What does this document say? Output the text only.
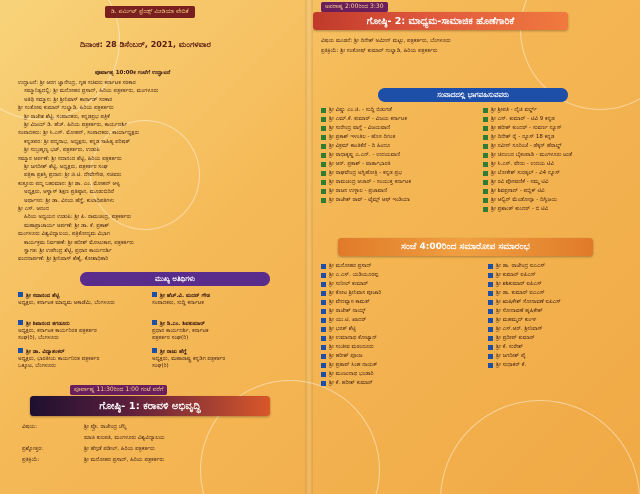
ಡಿ. ಪರ್ಮಿಟ್ ಫ್ರೆಂಡ್ಸ್ ಮೀಡಿಯಾ ವೇದಿಕೆ
ದಿನಾಂಕ: 28 ಡಿಸೆಂಬರ್, 2021, ಮಂಗಳವಾರ
ಪೂರ್ವಾಹ್ನ 10:00ಕ ಗಂಟೆಗೆ ಉದ್ಘಾಟನೆ
ಉದ್ಘಾಟನೆ: ಶ್ರೀ ಆರಗ ಜ್ಞಾನೇಂದ್ರ, ಗೃಹ ಸಚಿವರು ಕರ್ನಾಟಕ ಸರಕಾರ
ಸಮ್ಮಾನಿತ್ವದಲ್ಲಿ: ಶ್ರೀ ಮನೋಹರ ಪ್ರಸಾದ್, ಹಿರಿಯ ಪತ್ರಕರ್ತರು, ಮಂಗಳೂರು
ಅತಿಥಿ ಸಮ್ಮಾನ: ಶ್ರೀ ಶ್ರೀನಿವಾಸ್ ಕಾರ್ನಾಡ್ ಸರಕಾರ
ಶ್ರೀ ಸಂತೋಷ ಕುಮಾರ್ ಗುಲ್ವಾಡಿ, ಹಿರಿಯ ಪತ್ರಕರ್ತರು
ಶ್ರೀ ರಾಜೇಶ ಶೆಟ್ಟಿ, ಸಂಪಾದಕರು, ಕನ್ನಡಪ್ರಭ ಪತ್ರಿಕೆ
ಶ್ರೀ ವಿಜಯ್ ಡಿ. ಹೆಚ್. ಹಿರಿಯ ಪತ್ರಕರ್ತರು, ಕಾರ್ಯದರ್ಶಿ
ಸಂಪಾದಕರು: ಶ್ರೀ ಸಿ.ಎಸ್. ಮೋಹನ್, ಸಂಪಾದಕರು, ಕಾರ್ಯಾಧ್ಯಕ್ಷರು
ಕನ್ನಡಪರ: ಶ್ರೀ ಪದ್ಮನಾಭ, ಅಧ್ಯಕ್ಷರು, ಕನ್ನಡ ಸಾಹಿತ್ಯ ಪರಿಷತ್
ಶ್ರೀ ಸುಬ್ರಹ್ಮಣ್ಯ ಭಟ್, ಪತ್ರಕರ್ತರು, ಉಡುಪಿ
ಸಮ್ಮಾನ ಅರ್ಪಣೆ: ಶ್ರೀ ಸದಾನಂದ ಶೆಟ್ಟಿ, ಹಿರಿಯ ಪತ್ರಕರ್ತರು
ಶ್ರೀ ಜಗದೀಶ್ ಶೆಟ್ಟಿ, ಅಧ್ಯಕ್ಷರು, ಪತ್ರಕರ್ತರ ಸಂಘ
ಪತ್ರಿಕಾ ಪ್ರಶಸ್ತಿ ಪ್ರದಾನ: ಶ್ರೀ ಜಿ.ಟಿ. ದೇವೇಗೌಡ, ಸಚಿವರು
ಕುತ್ತೂರು ಪದ್ಮ ಬಹುಮಾನ: ಶ್ರೀ ಡಾ. ಎಂ. ಮೋಹನ್ ಆಳ್ವ
ಅಧ್ಯಕ್ಷರು, ಆಳ್ವಾಸ್ ಶಿಕ್ಷಣ ಪ್ರತಿಷ್ಠಾನ, ಮೂಡುಬಿದಿರೆ
ಅರ್ಥಾಸನ: ಶ್ರೀ ಡಾ. ವಿನಯ ಹೆಗ್ಡೆ, ಕುಲಾಧಿಪತಿಗಳು
ಶ್ರೀ ಎಸ್. ಆನಂದ
ಹಿರಿಯ ಅಧ್ಯಯನ ಉಡುಪಿ: ಶ್ರೀ ಪಿ. ರಾಮಚಂದ್ರ, ಪತ್ರಕರ್ತರು
ಮಹಾಪ್ರಾಚಾರ್ಯ ಅರ್ಪಣೆ: ಶ್ರೀ ಡಾ. ಕೆ. ಪ್ರಕಾಶ್
ಮಂಗಳೂರು ವಿಶ್ವವಿದ್ಯಾಲಯ, ಪತ್ರಿಕೋದ್ಯಮ ವಿಭಾಗ
ಕಾರ್ಯಕ್ರಮ ನಿರ್ವಹಣೆ: ಶ್ರೀ ಹರೀಶ್ ಮೋಟುಕಾನ, ಪತ್ರಕರ್ತರು
ಸ್ವಾಗತ: ಶ್ರೀ ಉಪೇಂದ್ರ ಶೆಟ್ಟಿ, ಪ್ರಧಾನ ಕಾರ್ಯದರ್ಶಿ
ವಂದನಾರ್ಪಣೆ: ಶ್ರೀ ಶ್ರೀನಿವಾಸ್ ಶೆಣೈ, ಕೋಶಾಧಿಕಾರಿ
ಮುಖ್ಯ ಅತಿಥಿಗಳು
ಶ್ರೀ ಸದಾನಂದ ಶೆಟ್ಟಿ
ಅಧ್ಯಕ್ಷರು, ಕರ್ನಾಟಕ ಮಾಧ್ಯಮ ಅಕಾಡೆಮಿ, ಬೆಂಗಳೂರು
ಶ್ರೀ ಹೆಚ್.ವಿ. ಮದನ್ ಗೌಡ
ಸಂಪಾದಕರು, ಸುದ್ದಿ ಕರ್ನಾಟಕ
ಶ್ರೀ ಶಿವಾನಂದ ತಗಡೂರು
ಅಧ್ಯಕ್ಷರು, ಕರ್ನಾಟಕ ಕಾರ್ಯನಿರತ ಪತ್ರಕರ್ತರ
ಸಂಘ(ರಿ), ಬೆಂಗಳೂರು
ಶ್ರೀ ಡಿ.ಎಂ. ಶಿವಕುಮಾರ್
ಪ್ರಧಾನ ಕಾರ್ಯದರ್ಶಿ, ಕರ್ನಾಟಕ
ಪತ್ರಕರ್ತರ ಸಂಘ(ರಿ)
ಶ್ರೀ ಡಾ. ವಿದ್ಯಾಶಂಕರ್
ಅಧ್ಯಕ್ಷರು, ಭಾರತೀಯ ಕಾರ್ಯನಿರತ ಪತ್ರಕರ್ತರ
ಒಕ್ಕೂಟ, ಬೆಂಗಳೂರು
ಶ್ರೀ ರಾಜು ಹೆಗ್ಡೆ
ಅಧ್ಯಕ್ಷರು, ಮಹಾರಾಷ್ಟ್ರ ಕನ್ನಡಿಗ ಪತ್ರಕರ್ತರ
ಸಂಘ(ರಿ)
ಪೂರ್ವಾಹ್ನ 11:30ರಿಂದ 1:00 ಗಂಟೆ ವರೆಗೆ
ಗೋಷ್ಠಿ- 1: ಕರಾವಳಿ ಅಭಿವೃದ್ಧಿ
ವಿಷಯ:	ಶ್ರೀ ಪ್ರೊ. ರಾಜೇಂದ್ರ ಚೆನ್ನಿ
ಮಾಜಿ ಕುಲಪತಿ, ಮಂಗಳೂರು ವಿಶ್ವವಿದ್ಯಾಲಯ
ಪ್ರಶ್ನೋತ್ತರ:	ಶ್ರೀ ಹೆಗ್ಗಡೆ ಪಡೀಲ್, ಹಿರಿಯ ಪತ್ರಕರ್ತರು
ಪ್ರತಿಕ್ರಿಯೆ:	ಶ್ರೀ ಮನೋಹರ ಪ್ರಸಾದ್, ಹಿರಿಯ ಪತ್ರಕರ್ತರು
ಅಪರಾಹ್ನ 2:00ರಿಂದ 3:30
ಗೋಷ್ಠಿ- 2: ಮಾಧ್ಯಮ-ಸಾಮಾಜಿಕ ಹೊಣೆಗಾರಿಕೆ
ವಿಷಯ ಮಂಡನೆ: ಶ್ರೀ ದಿನೇಶ್ ಅಮೀನ್ ಮಟ್ಟು, ಪತ್ರಕರ್ತರು, ಬೆಂಗಳೂರು
ಪ್ರತಿಕ್ರಿಯೆ: ಶ್ರೀ ಸಂತೋಷ್ ಕುಮಾರ್ ಗುಲ್ವಾಡಿ, ಹಿರಿಯ ಪತ್ರಕರ್ತರು
ಸಂವಾದದಲ್ಲಿ ಭಾಗವಹಿಸುವವರು
ಶ್ರೀ ವಿಷ್ಣು ಎಂ.ಜಿ. - ಸುದ್ದಿ ಬಿಡುಗಡೆ
ಶ್ರೀ ಎಮ್.ಕೆ. ಕುಮಾರ್ - ವಿಜಯ ಕರ್ನಾಟಕ
ಶ್ರೀ ಸುರೇಂದ್ರ ವಾಗ್ಲೆ - ವಿಜಯವಾಣಿ
ಶ್ರೀ ಪ್ರಕಾಶ್ ಇಳಂತಿಲ - ಹೊಸ ದಿಗಂತ
ಶ್ರೀ ವಿಕ್ರಮ್ ಕಾಂತಿಕೆರೆ - ದಿ ಹಿಂದೂ
ಶ್ರೀ ರಾಧಾಕೃಷ್ಣ ಎ.ಎನ್. - ಉದಯವಾಣಿ
ಶ್ರೀ ಆರ್. ಪ್ರಕಾಶ್ - ವಾರ್ತಾಭಾರತಿ
ಶ್ರೀ ರಾಘವೇಂದ್ರ ಅಗ್ನಿಹೋತ್ರಿ - ಕನ್ನಡ ಪ್ರಭ
ಶ್ರೀ ರಾಮಚಂದ್ರ ಆಚಾರ್ - ಸಂಯುಕ್ತ ಕರ್ನಾಟಕ
ಶ್ರೀ ರಾಜನ ಉಳ್ಳಾಲ - ಪ್ರಜಾವಾಣಿ
ಶ್ರೀ ರಾಜೇಶ್ ರಾವ್ - ಟೈಮ್ಸ್ ಆಫ್ ಇಂಡಿಯಾ
ಶ್ರೀ ಶ್ರೀಪತಿ - ದೈಜಿ ವರ್ಲ್ಡ್
ಶ್ರೀ ಎಸ್. ಕುಮಾರ್ - ಟಿವಿ 9 ಕನ್ನಡ
ಶ್ರೀ ಹರೀಶ್ ಕುಂದರ್ - ಸುವರ್ಣ ನ್ಯೂಸ್
ಶ್ರೀ ದಿನೇಶ್ ರೈ - ನ್ಯೂಸ್ 18 ಕನ್ನಡ
ಶ್ರೀ ನವೀನ್ ಸೂರಿಂಜೆ - ಡೆಕ್ಕನ್ ಹೆರಾಲ್ಡ್
ಶ್ರೀ ಚಿದಂಬರ ಬೈಕಂಪಾಡಿ - ಮಂಗಳೂರು ಟುಡೆ
ಶ್ರೀ ಸಿ.ಎಸ್. ವೇಣು - ಉದಯ ಟಿವಿ
ಶ್ರೀ ಲೋಕೇಶ್ ಸುರತ್ಕಲ್ - ವಿ4 ನ್ಯೂಸ್
ಶ್ರೀ ರವಿ ಪೊಸವಣಿಕೆ - ನಮ್ಮ ಟಿವಿ
ಶ್ರೀ ಶಿವಪ್ರಸಾದ್ - ಪಬ್ಲಿಕ್ ಟಿವಿ
ಶ್ರೀ ಆಲ್ವಿನ್ ಮೆಂಡೋನ್ಸಾ - ದಿಗ್ವಿಜಯ
ಶ್ರೀ ಪ್ರಶಾಂತ್ ಕುಂದರ್ - ಬಿ ಟಿವಿ
ಸಂಜೆ 4:00ರಿಂದ ಸಮಾರೋಪ ಸಮಾರಂಭ
ಶ್ರೀ ಮನೋಹರ ಪ್ರಸಾದ್
ಶ್ರೀ ಎ.ಎಸ್. ಯಡಿಯೂರಪ್ಪ
ಶ್ರೀ ಸುನೀಲ್ ಕುಮಾರ್
ಶ್ರೀ ಕೋಟ ಶ್ರೀನಿವಾಸ ಪೂಜಾರಿ
ಶ್ರೀ ವೇದವ್ಯಾಸ ಕಾಮತ್
ಶ್ರೀ ರಾಜೇಶ್ ನಾಯ್ಕ್
ಶ್ರೀ ಯು.ಟಿ. ಖಾದರ್
ಶ್ರೀ ಭರತ್ ಶೆಟ್ಟಿ
ಶ್ರೀ ಉಮಾನಾಥ ಕೋಟ್ಯಾನ್
ಶ್ರೀ ಸಂಜೀವ ಮಠಂದೂರು
ಶ್ರೀ ಹರೀಶ್ ಪೂಂಜ
ಶ್ರೀ ಪ್ರತಾಪ್ ಸಿಂಹ ನಾಯಕ್
ಶ್ರೀ ಮಂಜುನಾಥ ಭಂಡಾರಿ
ಶ್ರೀ ಕೆ. ಹರೀಶ್ ಕುಮಾರ್
ಶ್ರೀ ಡಾ. ರಾಜೇಂದ್ರ ಐಎಎಸ್
ಶ್ರೀ ಕುಮಾರ್ ಐಪಿಎಸ್
ಶ್ರೀ ಶಶಿಕುಮಾರ್ ಐಪಿಎಸ್
ಶ್ರೀ ಡಾ. ಕುಮಾರ್ ಐಎಎಸ್
ಶ್ರೀ ಋಷಿಕೇಶ್ ಸೋನಾವಣೆ ಐಪಿಎಸ್
ಶ್ರೀ ಸೋನಾವಣೆ ಹೃಷಿಕೇಶ್
ಶ್ರೀ ಮಹಮ್ಮದ್ ಕುಂಞ
ಶ್ರೀ ಎಸ್.ಆರ್. ಶ್ರೀನಿವಾಸ್
ಶ್ರೀ ಪ್ರದೀಪ್ ಕುಮಾರ್
ಶ್ರೀ ಕೆ. ಸುರೇಶ್
ಶ್ರೀ ಜಗದೀಶ್ ಪೈ
ಶ್ರೀ ಸುಧಾಕರ್ ಕೆ.
